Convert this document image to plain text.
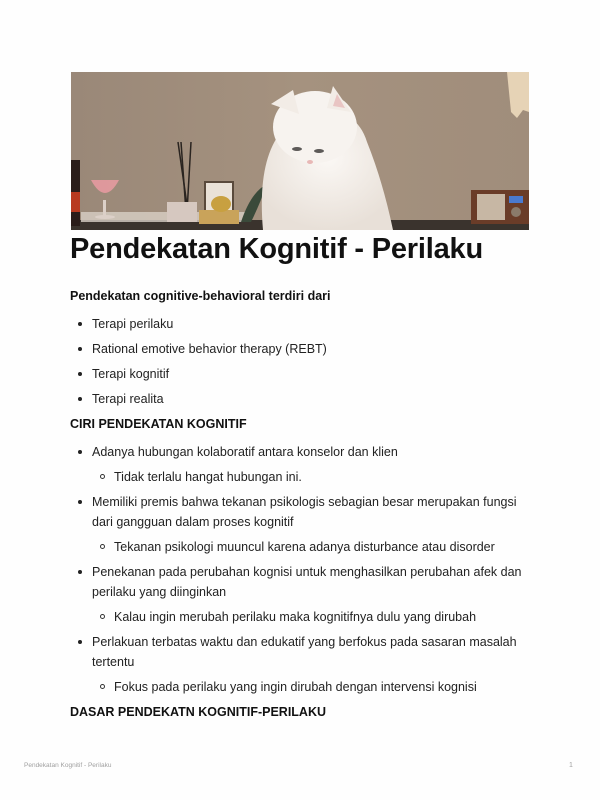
Pendekatan Kognitif - Perilaku

Pendekatan cognitive-behavioral terdiri dari

Terapi perilaku
Rational emotive behavior therapy (REBT)
Terapi kognitif
Terapi realita

CIRI PENDEKATAN KOGNITIF

Adanya hubungan kolaboratif antara konselor dan klien
Tidak terlalu hangat hubungan ini.
Memiliki premis bahwa tekanan psikologis sebagian besar merupakan fungsi dari gangguan dalam proses kognitif
Tekanan psikologi muuncul karena adanya disturbance atau disorder
Penekanan pada perubahan kognisi untuk menghasilkan perubahan afek dan perilaku yang diinginkan
Kalau ingin merubah perilaku maka kognitifnya dulu yang dirubah
Perlakuan terbatas waktu dan edukatif yang berfokus pada sasaran masalah tertentu
Fokus pada perilaku yang ingin dirubah dengan intervensi kognisi

DASAR PENDEKATN KOGNITIF-PERILAKU

Pendekatan Kognitif - Perilaku	1
